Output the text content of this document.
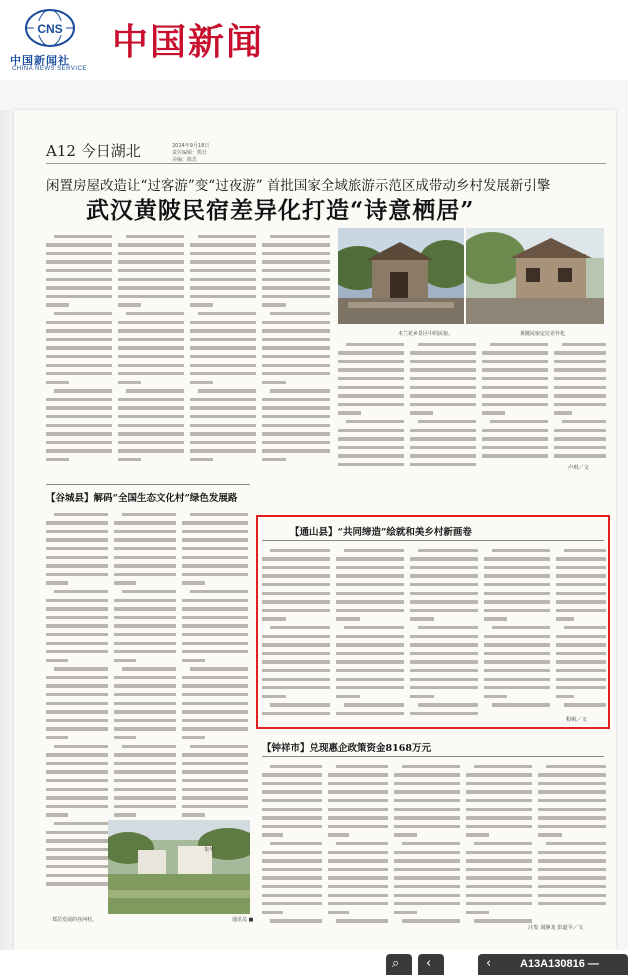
CNS
中国新闻社
CHINA NEWS SERVICE
中国新闻
A12 今日湖北	2024年9月18日
责任编辑：熊壮
美编：陈思
闲置房屋改造让“过客游”变“过夜游” 首批国家全域旅游示范区成带动乡村发展新引擎
武汉黄陂民宿差异化打造“诗意栖居”
木兰花乡景区中的民宿。	黄陂民宿定位差异化
卢琪／文
【谷城县】解码“全国生态文化村”绿色发展路
郑岳发展的谷河村。	通讯员 ■
朱华
【通山县】“共同缔造”绘就和美乡村新画卷
程岷／文
【钟祥市】兑现惠企政策资金8168万元
汪发 刘静龙 彭道平／文
⌕ ‹	‹	A13A130816 —
